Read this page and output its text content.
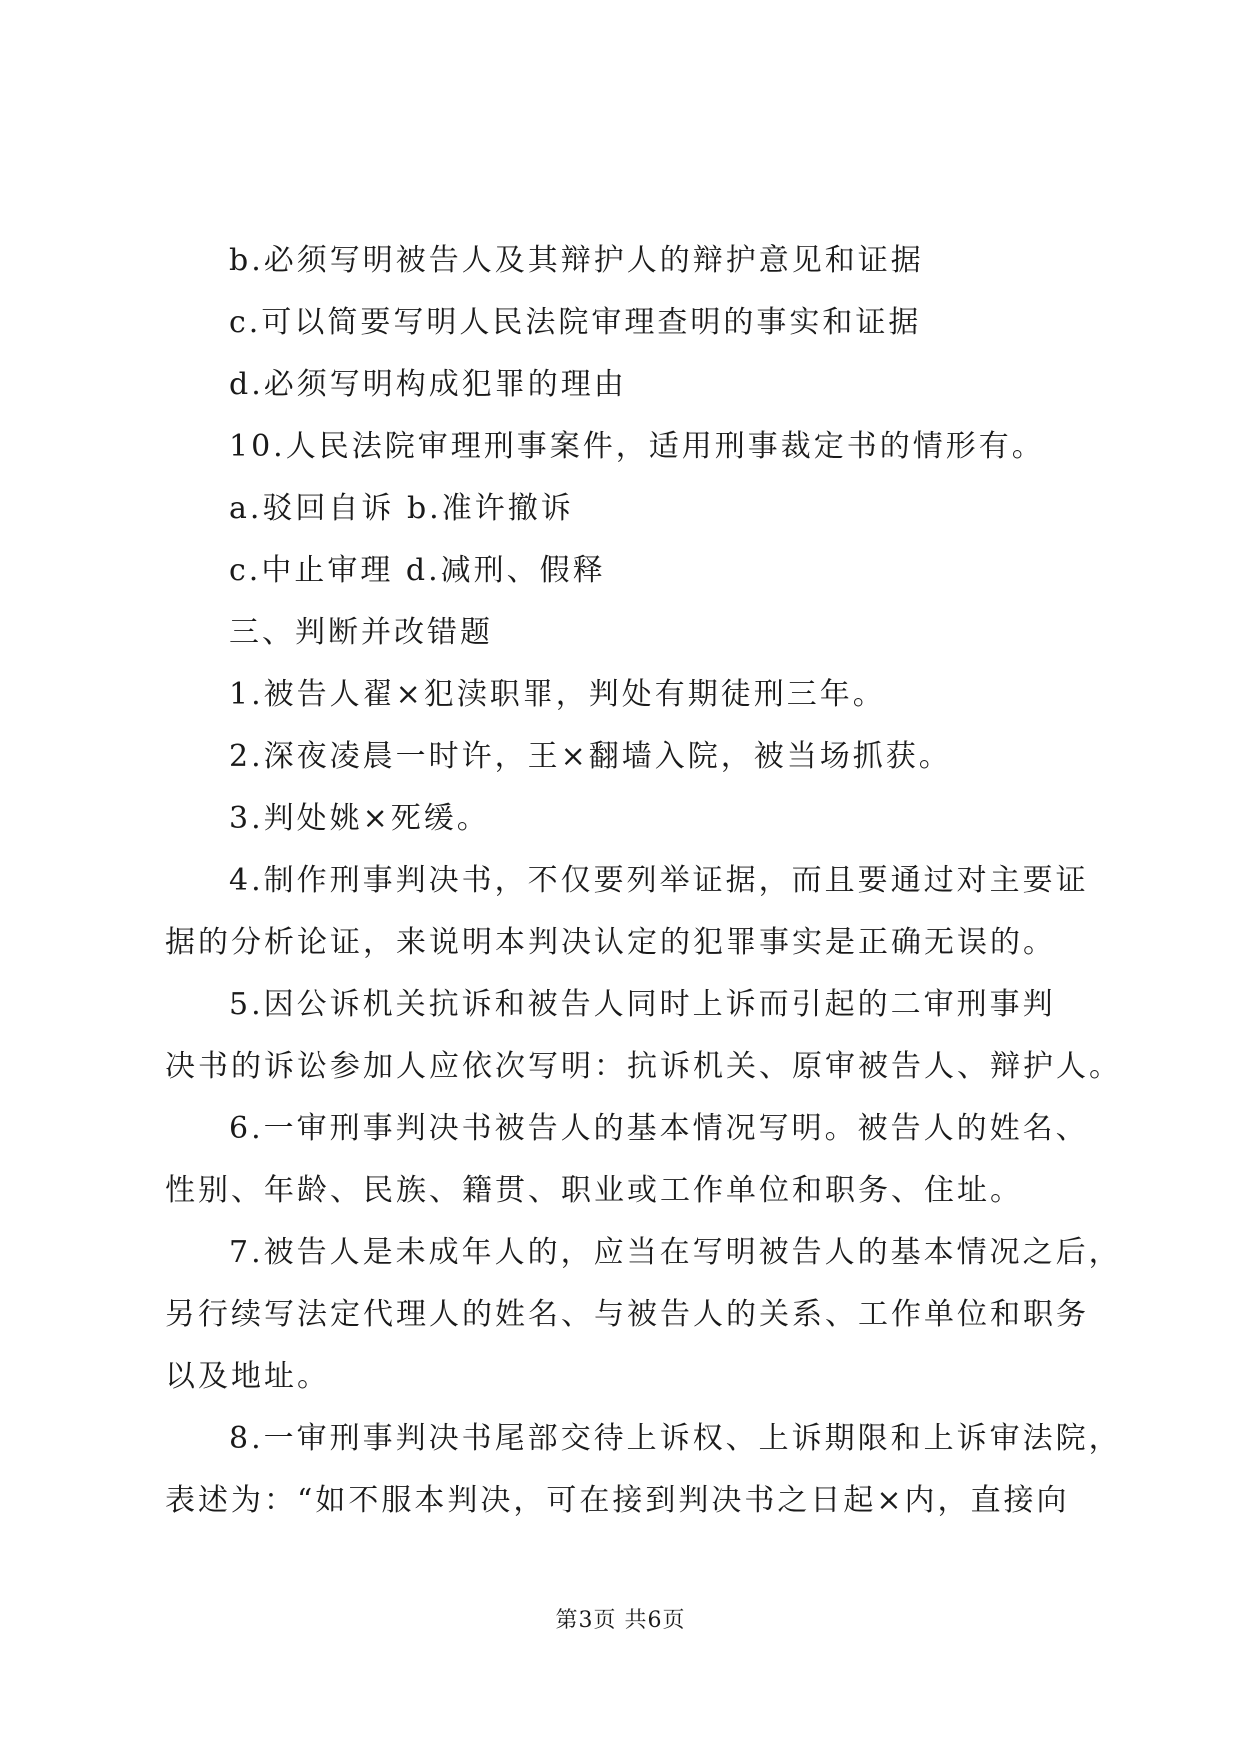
b.必须写明被告人及其辩护人的辩护意见和证据
c.可以简要写明人民法院审理查明的事实和证据
d.必须写明构成犯罪的理由
10.人民法院审理刑事案件，适用刑事裁定书的情形有。
a.驳回自诉 b.准许撤诉
c.中止审理 d.减刑、假释
三、判断并改错题
1.被告人翟×犯渎职罪，判处有期徒刑三年。
2.深夜凌晨一时许，王×翻墙入院，被当场抓获。
3.判处姚×死缓。
4.制作刑事判决书，不仅要列举证据，而且要通过对主要证
据的分析论证，来说明本判决认定的犯罪事实是正确无误的。
5.因公诉机关抗诉和被告人同时上诉而引起的二审刑事判
决书的诉讼参加人应依次写明：抗诉机关、原审被告人、辩护人。
6.一审刑事判决书被告人的基本情况写明。被告人的姓名、
性别、年龄、民族、籍贯、职业或工作单位和职务、住址。
7.被告人是未成年人的，应当在写明被告人的基本情况之后，
另行续写法定代理人的姓名、与被告人的关系、工作单位和职务
以及地址。
8.一审刑事判决书尾部交待上诉权、上诉期限和上诉审法院，
表述为：“如不服本判决，可在接到判决书之日起×内，直接向
第3页 共6页
